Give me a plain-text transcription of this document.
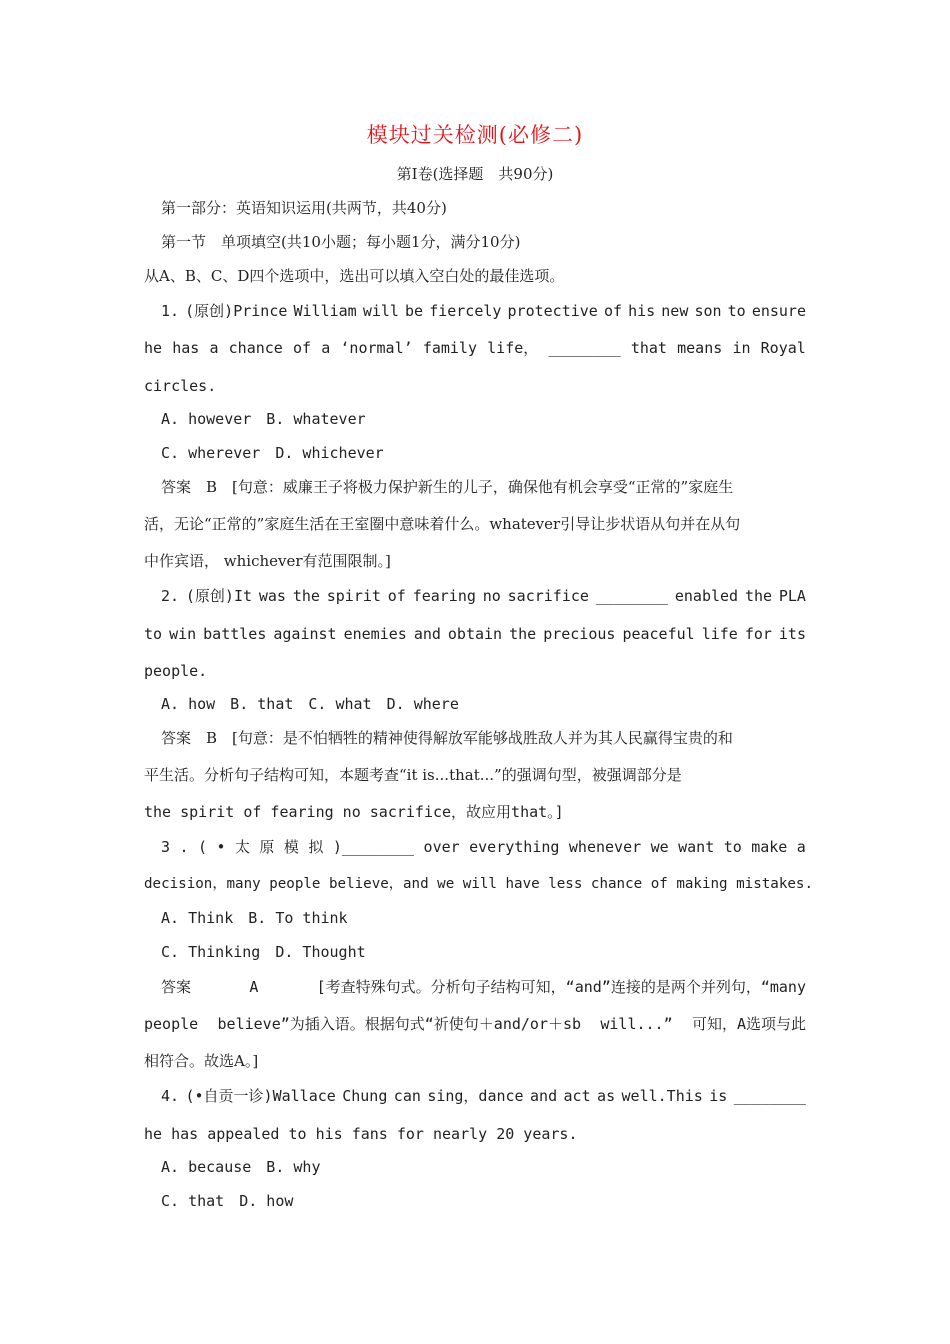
模块过关检测(必修二)
第Ⅰ卷(选择题　共90分)
第一部分：英语知识运用(共两节，共40分)
第一节　单项填空(共10小题；每小题1分，满分10分)
从A、B、C、D四个选项中，选出可以填入空白处的最佳选项。
1. (原创)Prince William will be fiercely protective of his new son to ensure
he has a chance of a ‘normal’ family life， ________ that means in Royal
circles.
A. however　B. whatever
C. wherever　D. whichever
答案　B　[句意：威廉王子将极力保护新生的儿子，确保他有机会享受“正常的”家庭生
活，无论“正常的”家庭生活在王室圈中意味着什么。whatever引导让步状语从句并在从句
中作宾语， whichever有范围限制。]
2. (原创)It was the spirit of fearing no sacrifice ________ enabled the PLA
to win battles against enemies and obtain the precious peaceful life for its
people.
A. how　B. that　C. what　D. where
答案　B　[句意：是不怕牺牲的精神使得解放军能够战胜敌人并为其人民赢得宝贵的和
平生活。分析句子结构可知，本题考查“it is...that...”的强调句型，被强调部分是
the spirit of fearing no sacrifice，故应用that。]
3 . ( • 太 原 模 拟 )________ over everything whenever we want to make a
decision，many people believe，and we will have less chance of making mistakes.
A. Think　B. To think
C. Thinking　D. Thought
答案	A	[考查特殊句式。分析句子结构可知，“and”连接的是两个并列句，“many
people believe”为插入语。根据句式“祈使句＋and/or＋sb will...” 可知，A选项与此
相符合。故选A。]
4. (•自贡一诊)Wallace Chung can sing，dance and act as well.This is ________
he has appealed to his fans for nearly 20 years.
A. because　B. why
C. that　D. how
